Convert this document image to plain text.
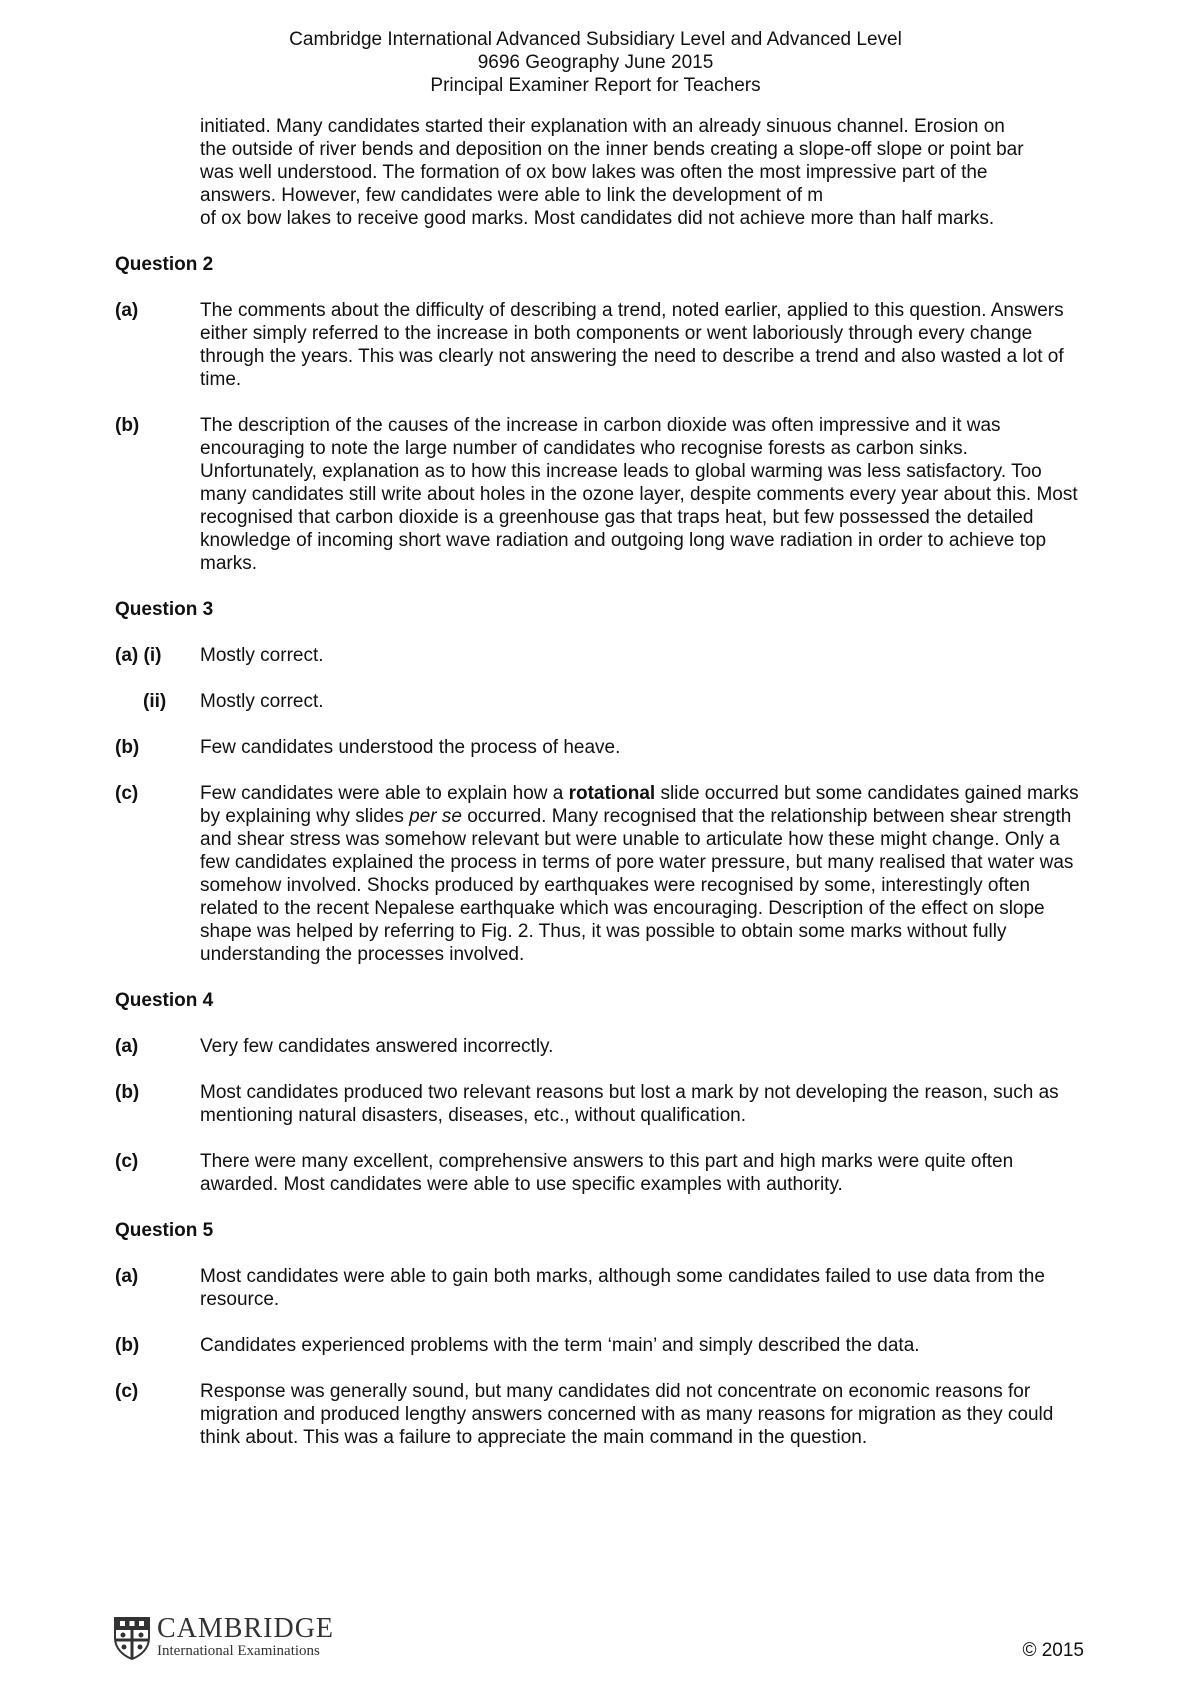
Cambridge International Advanced Subsidiary Level and Advanced Level
9696 Geography June 2015
Principal Examiner Report for Teachers
initiated. Many candidates started their explanation with an already sinuous channel. Erosion on
the outside of river bends and deposition on the inner bends creating a slope-off slope or point bar
was well understood. The formation of ox bow lakes was often the most impressive part of the
answers. However, few candidates were able to link the development of m
of ox bow lakes to receive good marks. Most candidates did not achieve more than half marks.
Question 2
(a)	The comments about the difficulty of describing a trend, noted earlier, applied to this question. Answers either simply referred to the increase in both components or went laboriously through every change through the years. This was clearly not answering the need to describe a trend and also wasted a lot of time.
(b)	The description of the causes of the increase in carbon dioxide was often impressive and it was encouraging to note the large number of candidates who recognise forests as carbon sinks. Unfortunately, explanation as to how this increase leads to global warming was less satisfactory. Too many candidates still write about holes in the ozone layer, despite comments every year about this. Most recognised that carbon dioxide is a greenhouse gas that traps heat, but few possessed the detailed knowledge of incoming short wave radiation and outgoing long wave radiation in order to achieve top marks.
Question 3
(a) (i)	Mostly correct.
(ii)	Mostly correct.
(b)	Few candidates understood the process of heave.
(c)	Few candidates were able to explain how a rotational slide occurred but some candidates gained marks by explaining why slides per se occurred. Many recognised that the relationship between shear strength and shear stress was somehow relevant but were unable to articulate how these might change. Only a few candidates explained the process in terms of pore water pressure, but many realised that water was somehow involved. Shocks produced by earthquakes were recognised by some, interestingly often related to the recent Nepalese earthquake which was encouraging. Description of the effect on slope shape was helped by referring to Fig. 2. Thus, it was possible to obtain some marks without fully understanding the processes involved.
Question 4
(a)	Very few candidates answered incorrectly.
(b)	Most candidates produced two relevant reasons but lost a mark by not developing the reason, such as mentioning natural disasters, diseases, etc., without qualification.
(c)	There were many excellent, comprehensive answers to this part and high marks were quite often awarded. Most candidates were able to use specific examples with authority.
Question 5
(a)	Most candidates were able to gain both marks, although some candidates failed to use data from the resource.
(b)	Candidates experienced problems with the term ‘main’ and simply described the data.
(c)	Response was generally sound, but many candidates did not concentrate on economic reasons for migration and produced lengthy answers concerned with as many reasons for migration as they could think about. This was a failure to appreciate the main command in the question.
CAMBRIDGE
International Examinations	© 2015
